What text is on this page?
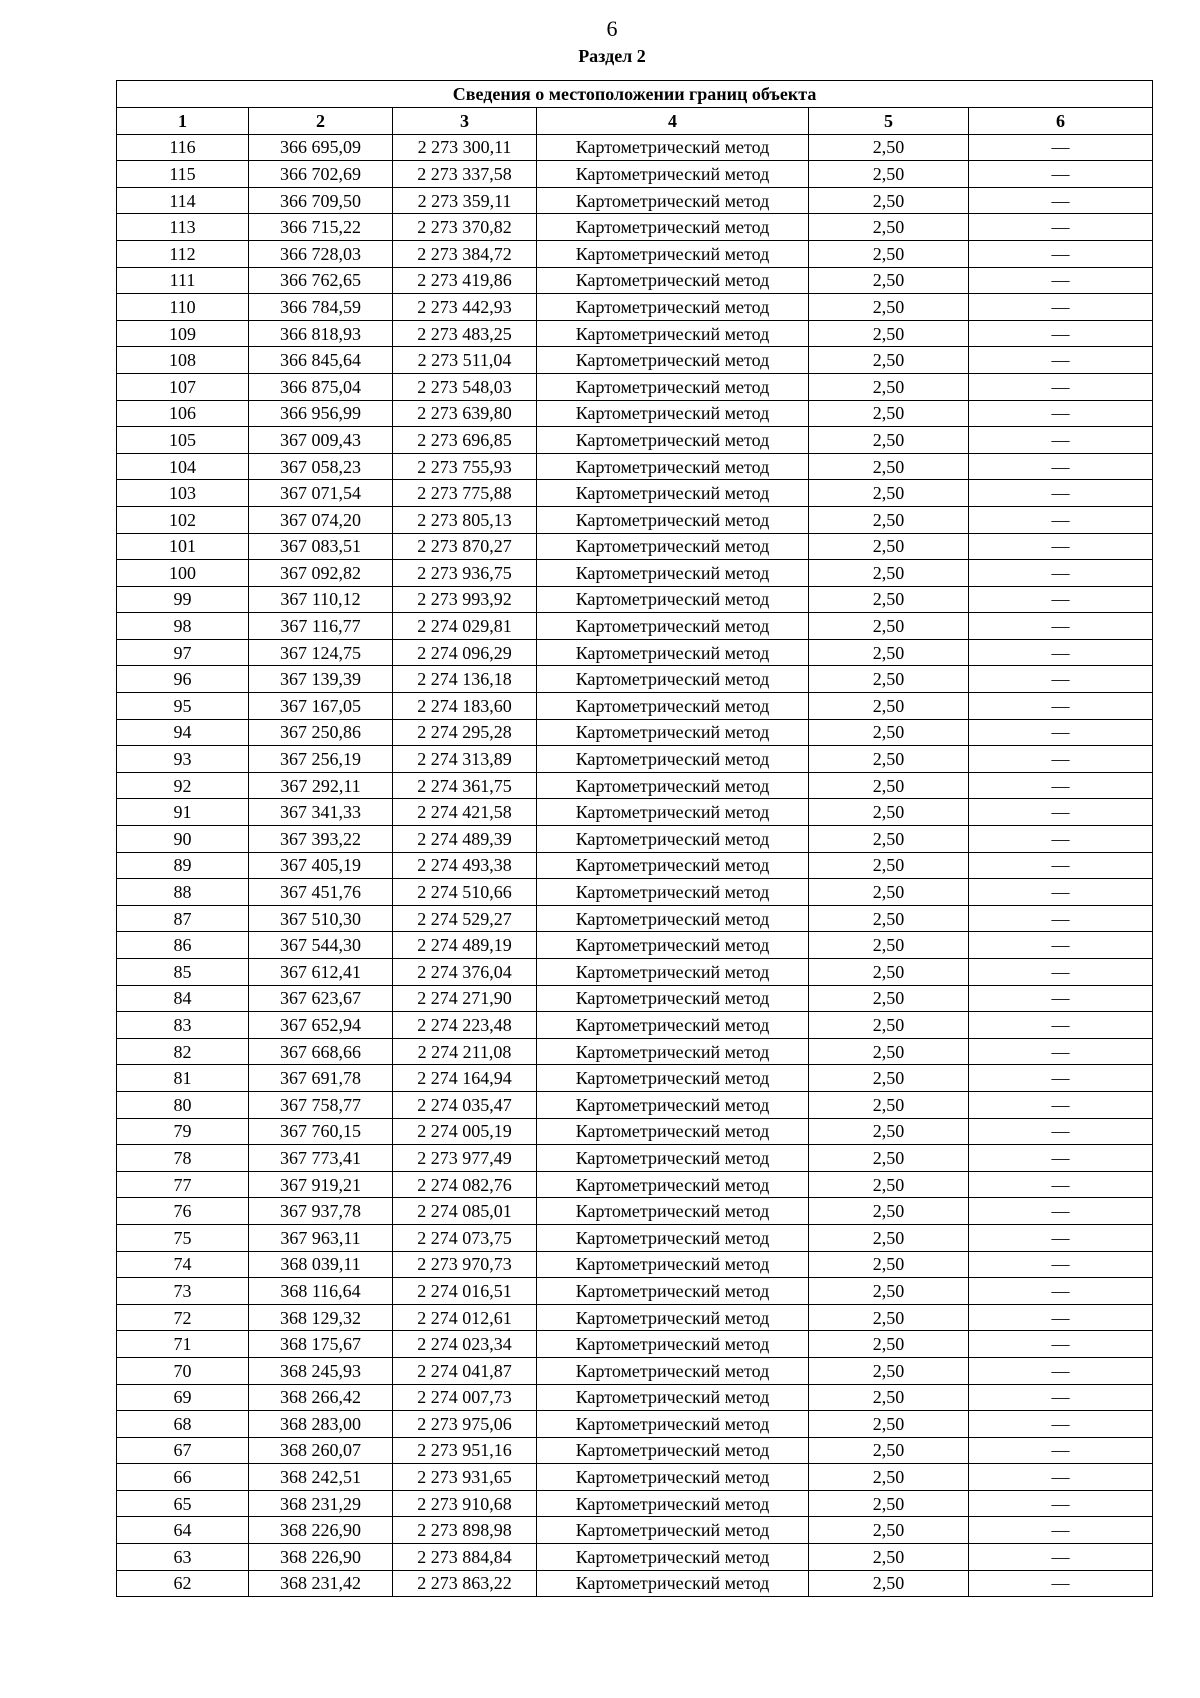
6
Раздел 2
Сведения о местоположении границ объекта					
1	2	3	4	5	6
116	366 695,09	2 273 300,11	Картометрический метод	2,50	—
115	366 702,69	2 273 337,58	Картометрический метод	2,50	—
114	366 709,50	2 273 359,11	Картометрический метод	2,50	—
113	366 715,22	2 273 370,82	Картометрический метод	2,50	—
112	366 728,03	2 273 384,72	Картометрический метод	2,50	—
111	366 762,65	2 273 419,86	Картометрический метод	2,50	—
110	366 784,59	2 273 442,93	Картометрический метод	2,50	—
109	366 818,93	2 273 483,25	Картометрический метод	2,50	—
108	366 845,64	2 273 511,04	Картометрический метод	2,50	—
107	366 875,04	2 273 548,03	Картометрический метод	2,50	—
106	366 956,99	2 273 639,80	Картометрический метод	2,50	—
105	367 009,43	2 273 696,85	Картометрический метод	2,50	—
104	367 058,23	2 273 755,93	Картометрический метод	2,50	—
103	367 071,54	2 273 775,88	Картометрический метод	2,50	—
102	367 074,20	2 273 805,13	Картометрический метод	2,50	—
101	367 083,51	2 273 870,27	Картометрический метод	2,50	—
100	367 092,82	2 273 936,75	Картометрический метод	2,50	—
99	367 110,12	2 273 993,92	Картометрический метод	2,50	—
98	367 116,77	2 274 029,81	Картометрический метод	2,50	—
97	367 124,75	2 274 096,29	Картометрический метод	2,50	—
96	367 139,39	2 274 136,18	Картометрический метод	2,50	—
95	367 167,05	2 274 183,60	Картометрический метод	2,50	—
94	367 250,86	2 274 295,28	Картометрический метод	2,50	—
93	367 256,19	2 274 313,89	Картометрический метод	2,50	—
92	367 292,11	2 274 361,75	Картометрический метод	2,50	—
91	367 341,33	2 274 421,58	Картометрический метод	2,50	—
90	367 393,22	2 274 489,39	Картометрический метод	2,50	—
89	367 405,19	2 274 493,38	Картометрический метод	2,50	—
88	367 451,76	2 274 510,66	Картометрический метод	2,50	—
87	367 510,30	2 274 529,27	Картометрический метод	2,50	—
86	367 544,30	2 274 489,19	Картометрический метод	2,50	—
85	367 612,41	2 274 376,04	Картометрический метод	2,50	—
84	367 623,67	2 274 271,90	Картометрический метод	2,50	—
83	367 652,94	2 274 223,48	Картометрический метод	2,50	—
82	367 668,66	2 274 211,08	Картометрический метод	2,50	—
81	367 691,78	2 274 164,94	Картометрический метод	2,50	—
80	367 758,77	2 274 035,47	Картометрический метод	2,50	—
79	367 760,15	2 274 005,19	Картометрический метод	2,50	—
78	367 773,41	2 273 977,49	Картометрический метод	2,50	—
77	367 919,21	2 274 082,76	Картометрический метод	2,50	—
76	367 937,78	2 274 085,01	Картометрический метод	2,50	—
75	367 963,11	2 274 073,75	Картометрический метод	2,50	—
74	368 039,11	2 273 970,73	Картометрический метод	2,50	—
73	368 116,64	2 274 016,51	Картометрический метод	2,50	—
72	368 129,32	2 274 012,61	Картометрический метод	2,50	—
71	368 175,67	2 274 023,34	Картометрический метод	2,50	—
70	368 245,93	2 274 041,87	Картометрический метод	2,50	—
69	368 266,42	2 274 007,73	Картометрический метод	2,50	—
68	368 283,00	2 273 975,06	Картометрический метод	2,50	—
67	368 260,07	2 273 951,16	Картометрический метод	2,50	—
66	368 242,51	2 273 931,65	Картометрический метод	2,50	—
65	368 231,29	2 273 910,68	Картометрический метод	2,50	—
64	368 226,90	2 273 898,98	Картометрический метод	2,50	—
63	368 226,90	2 273 884,84	Картометрический метод	2,50	—
62	368 231,42	2 273 863,22	Картометрический метод	2,50	—
